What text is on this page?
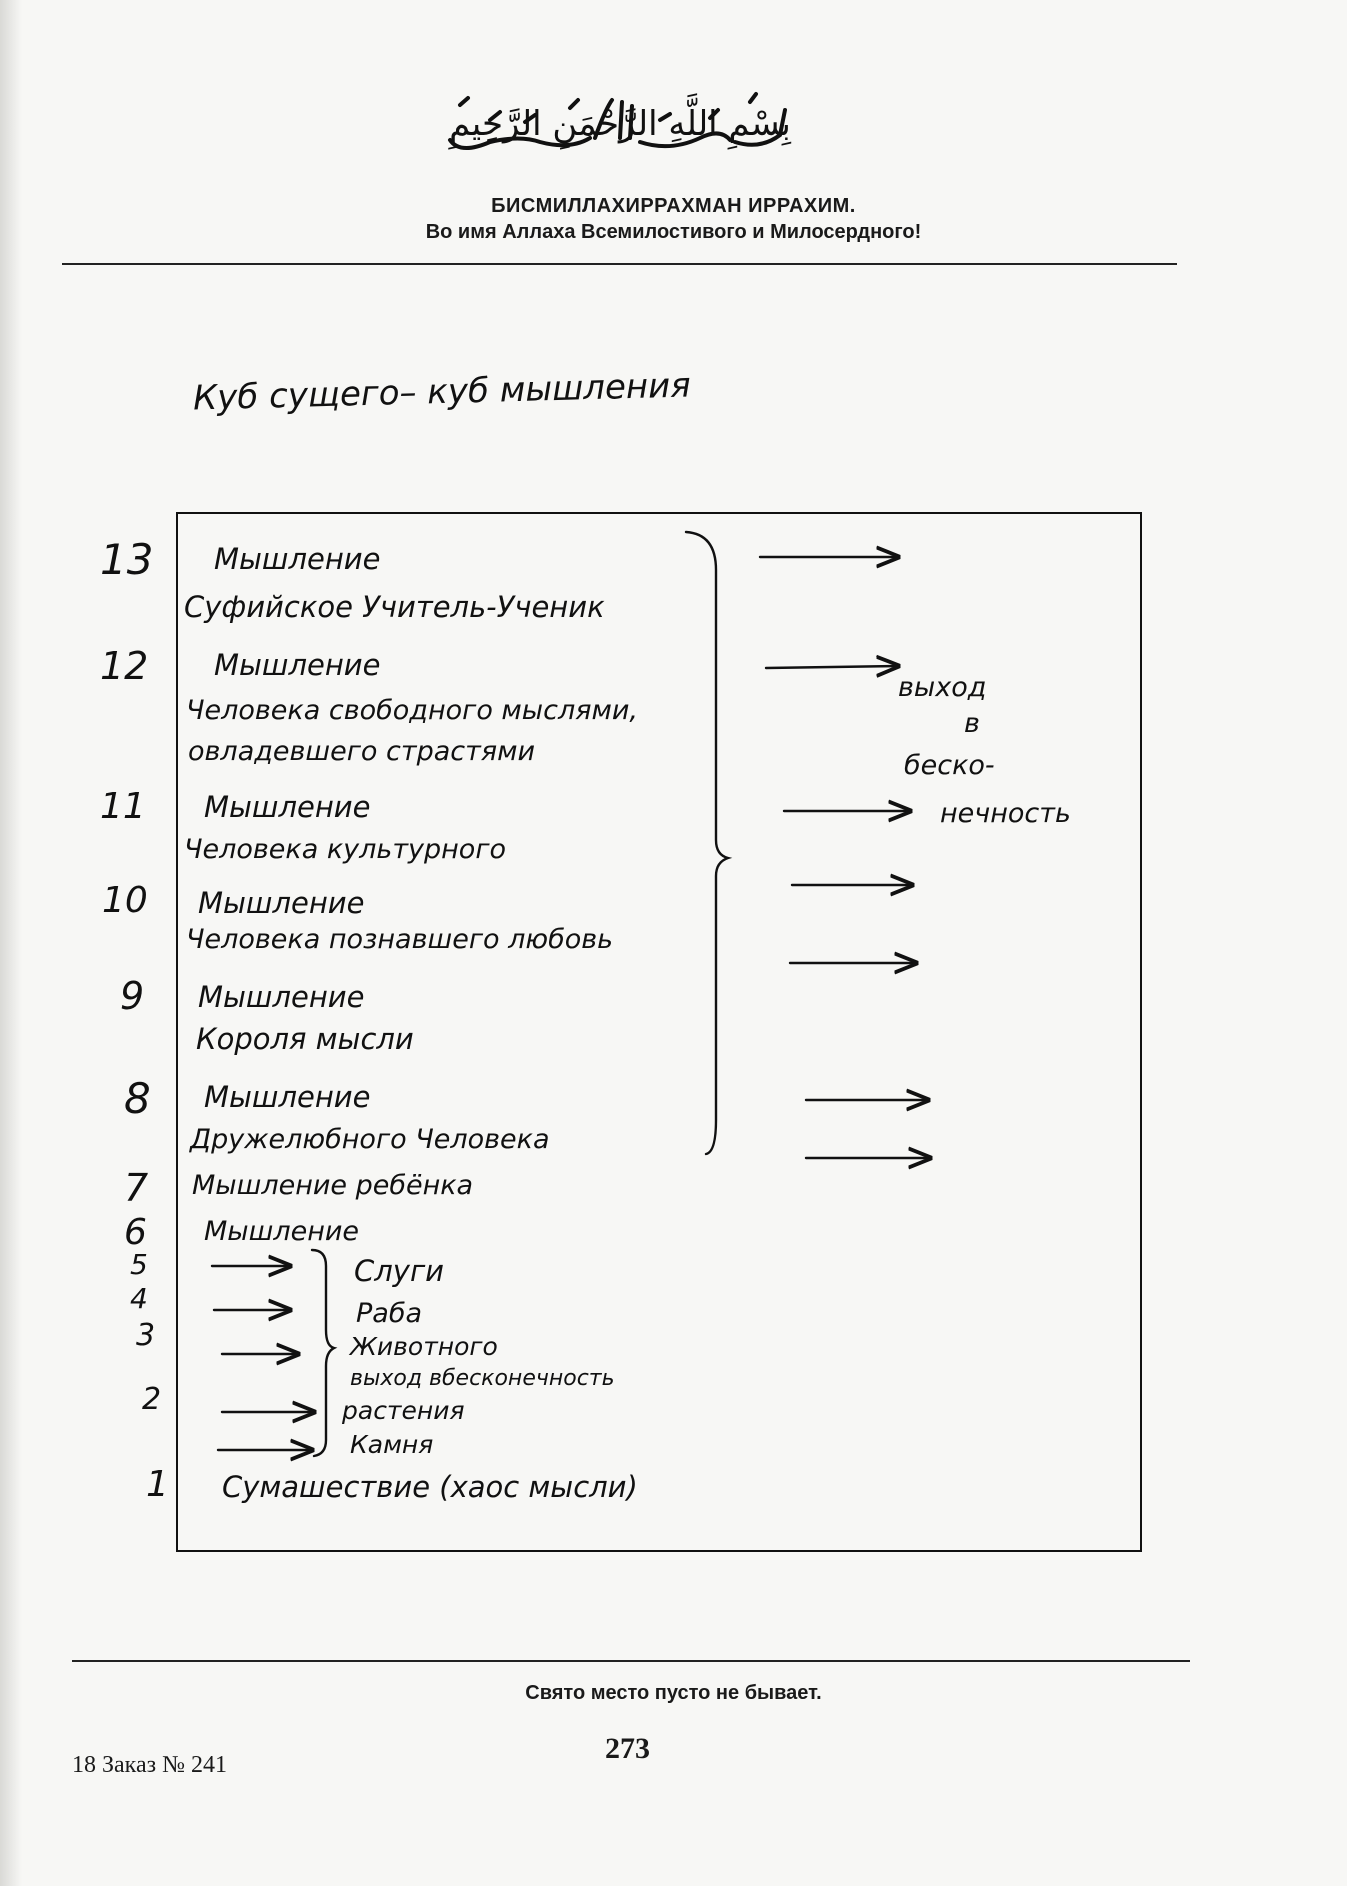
بِسْمِ اللَّهِ الرَّحْمَنِ الرَّحِيمِ
БИСМИЛЛАХИРРАХМАН ИРРАХИМ.
Во имя Аллаха Всемилостивого и Милосердного!
Куб сущего– куб мышления
13
12
11
10
9
8
7
6
5
4
3
2
1
Мышление
Суфийское Учитель-Ученик
Мышление
Человека свободного мыслями,
овладевшего страстями
Мышление
Человека культурного
Мышление
Человека познавшего любовь
Мышление
Короля мысли
Мышление
Дружелюбного Человека
Мышление ребёнка
Мышление
Слуги
Раба
Животного
выход вбесконечность
растения
Камня
Сумашествие (хаос мысли)
выход
в
беско-
нечность
Свято место пусто не бывает.
273
18 Заказ № 241
